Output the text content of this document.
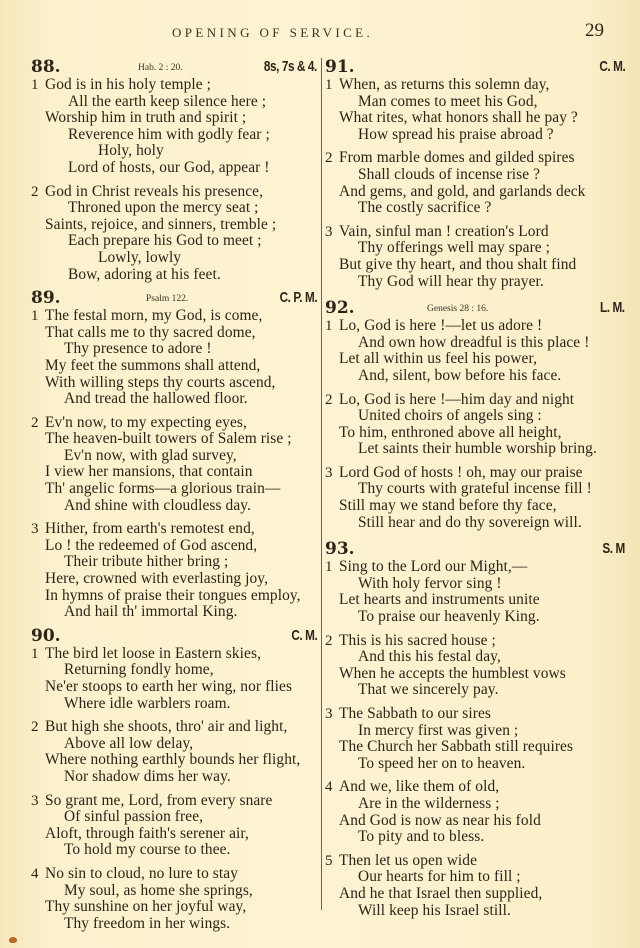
OPENING OF SERVICE.	29
88.	Hab. 2 : 20.	8s, 7s & 4.
1 God is in his holy temple ;
All the earth keep silence here ;
Worship him in truth and spirit ;
Reverence him with godly fear ;
Holy, holy
Lord of hosts, our God, appear !
2 God in Christ reveals his presence,
Throned upon the mercy seat ;
Saints, rejoice, and sinners, tremble ;
Each prepare his God to meet ;
Lowly, lowly
Bow, adoring at his feet.
89.	Psalm 122.	C. P. M.
1 The festal morn, my God, is come,
That calls me to thy sacred dome,
Thy presence to adore !
My feet the summons shall attend,
With willing steps thy courts ascend,
And tread the hallowed floor.
2 Ev'n now, to my expecting eyes,
The heaven-built towers of Salem rise ;
Ev'n now, with glad survey,
I view her mansions, that contain
Th' angelic forms—a glorious train—
And shine with cloudless day.
3 Hither, from earth's remotest end,
Lo ! the redeemed of God ascend,
Their tribute hither bring ;
Here, crowned with everlasting joy,
In hymns of praise their tongues employ,
And hail th' immortal King.
90.	C. M.
1 The bird let loose in Eastern skies,
Returning fondly home,
Ne'er stoops to earth her wing, nor flies
Where idle warblers roam.
2 But high she shoots, thro' air and light,
Above all low delay,
Where nothing earthly bounds her flight,
Nor shadow dims her way.
3 So grant me, Lord, from every snare
Of sinful passion free,
Aloft, through faith's serener air,
To hold my course to thee.
4 No sin to cloud, no lure to stay
My soul, as home she springs,
Thy sunshine on her joyful way,
Thy freedom in her wings.
91.	C. M.
1 When, as returns this solemn day,
Man comes to meet his God,
What rites, what honors shall he pay ?
How spread his praise abroad ?
2 From marble domes and gilded spires
Shall clouds of incense rise ?
And gems, and gold, and garlands deck
The costly sacrifice ?
3 Vain, sinful man ! creation's Lord
Thy offerings well may spare ;
But give thy heart, and thou shalt find
Thy God will hear thy prayer.
92.	Genesis 28 : 16.	L. M.
1 Lo, God is here !—let us adore !
And own how dreadful is this place !
Let all within us feel his power,
And, silent, bow before his face.
2 Lo, God is here !—him day and night
United choirs of angels sing :
To him, enthroned above all height,
Let saints their humble worship bring.
3 Lord God of hosts ! oh, may our praise
Thy courts with grateful incense fill !
Still may we stand before thy face,
Still hear and do thy sovereign will.
93.	S. M
1 Sing to the Lord our Might,—
With holy fervor sing !
Let hearts and instruments unite
To praise our heavenly King.
2 This is his sacred house ;
And this his festal day,
When he accepts the humblest vows
That we sincerely pay.
3 The Sabbath to our sires
In mercy first was given ;
The Church her Sabbath still requires
To speed her on to heaven.
4 And we, like them of old,
Are in the wilderness ;
And God is now as near his fold
To pity and to bless.
5 Then let us open wide
Our hearts for him to fill ;
And he that Israel then supplied,
Will keep his Israel still.
